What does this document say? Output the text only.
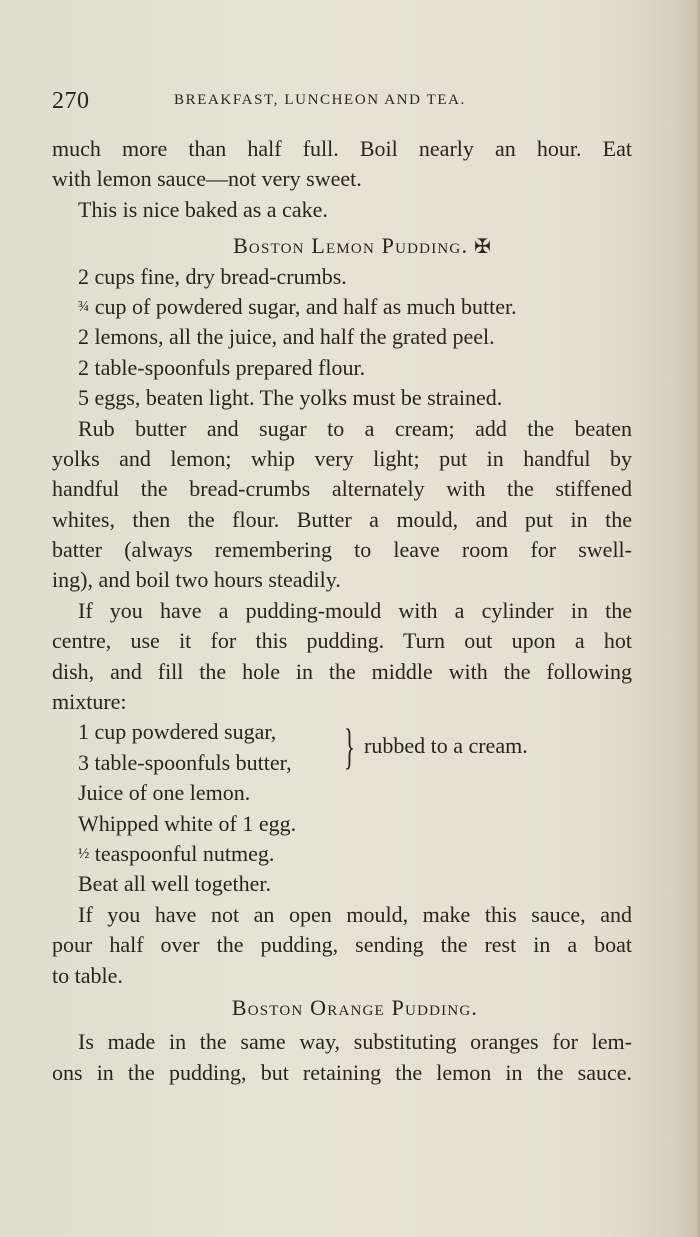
270	BREAKFAST, LUNCHEON AND TEA.
much more than half full. Boil nearly an hour. Eat
with lemon sauce—not very sweet.
This is nice baked as a cake.
Boston Lemon Pudding. ✠
2 cups fine, dry bread-crumbs.
¾ cup of powdered sugar, and half as much butter.
2 lemons, all the juice, and half the grated peel.
2 table-spoonfuls prepared flour.
5 eggs, beaten light. The yolks must be strained.
Rub butter and sugar to a cream; add the beaten
yolks and lemon; whip very light; put in handful by
handful the bread-crumbs alternately with the stiffened
whites, then the flour. Butter a mould, and put in the
batter (always remembering to leave room for swell-
ing), and boil two hours steadily.
If you have a pudding-mould with a cylinder in the
centre, use it for this pudding. Turn out upon a hot
dish, and fill the hole in the middle with the following
mixture:
1 cup powdered sugar,
3 table-spoonfuls butter, } rubbed to a cream.
Juice of one lemon.
Whipped white of 1 egg.
½ teaspoonful nutmeg.
Beat all well together.
If you have not an open mould, make this sauce, and
pour half over the pudding, sending the rest in a boat
to table.
Boston Orange Pudding.
Is made in the same way, substituting oranges for lem-
ons in the pudding, but retaining the lemon in the sauce.
